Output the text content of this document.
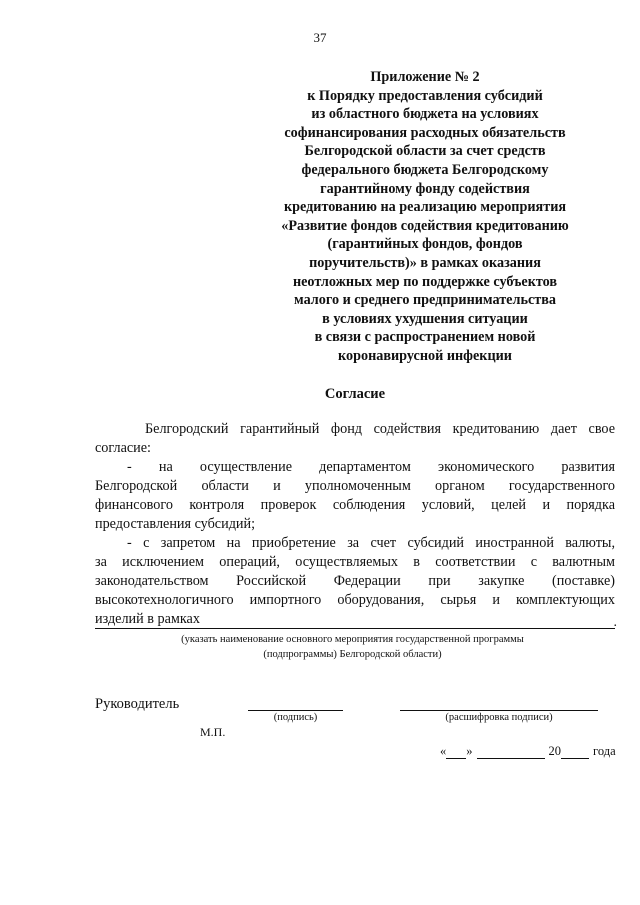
37
Приложение № 2
к Порядку предоставления субсидий
из областного бюджета на условиях
софинансирования расходных обязательств
Белгородской области за счет средств
федерального бюджета Белгородскому
гарантийному фонду содействия
кредитованию на реализацию мероприятия
«Развитие фондов содействия кредитованию
(гарантийных фондов, фондов
поручительств)» в рамках оказания
неотложных мер по поддержке субъектов
малого и среднего предпринимательства
в условиях ухудшения ситуации
в связи с распространением новой
коронавирусной инфекции
Согласие
Белгородский гарантийный фонд содействия кредитованию дает свое
согласие:
- на осуществление департаментом экономического развития
Белгородской области и уполномоченным органом государственного
финансового контроля проверок соблюдения условий, целей и порядка
предоставления субсидий;
- с запретом на приобретение за счет субсидий иностранной валюты,
за исключением операций, осуществляемых в соответствии с валютным
законодательством Российской Федерации при закупке (поставке)
высокотехнологичного импортного оборудования, сырья и комплектующих
изделий в рамках	.
(указать наименование основного мероприятия государственной программы
(подпрограммы) Белгородской области)
Руководитель
(подпись)	(расшифровка подписи)
М.П.
« »	20	года
